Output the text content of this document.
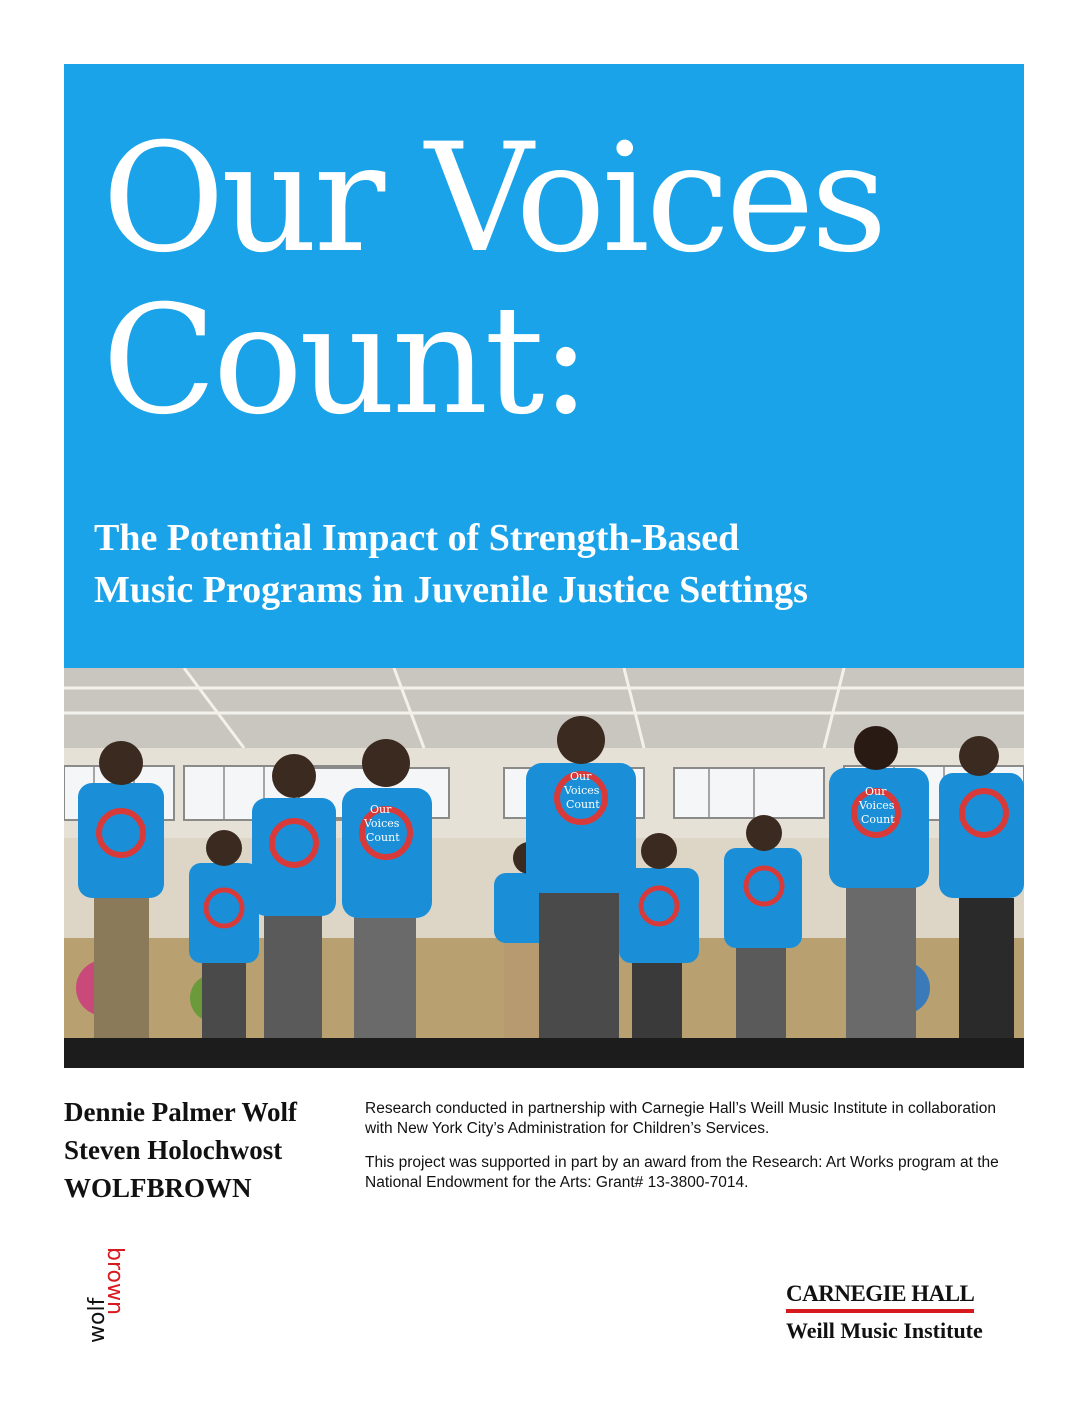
Our Voices
Count:
The Potential Impact of Strength-Based
Music Programs in Juvenile Justice Settings
Our
Voices
Count
Our
Voices
Count
Our
Voices
Count
Dennie Palmer Wolf
Steven Holochwost
WOLFBROWN

Research conducted in partnership with Carnegie Hall’s Weill Music Institute in collaboration with New York City’s Administration for Children’s Services.

This project was supported in part by an award from the Research: Art Works program at the National Endowment for the Arts: Grant# 13-3800-7014.

wolf
brown	CARNEGIE HALL
Weill Music Institute
